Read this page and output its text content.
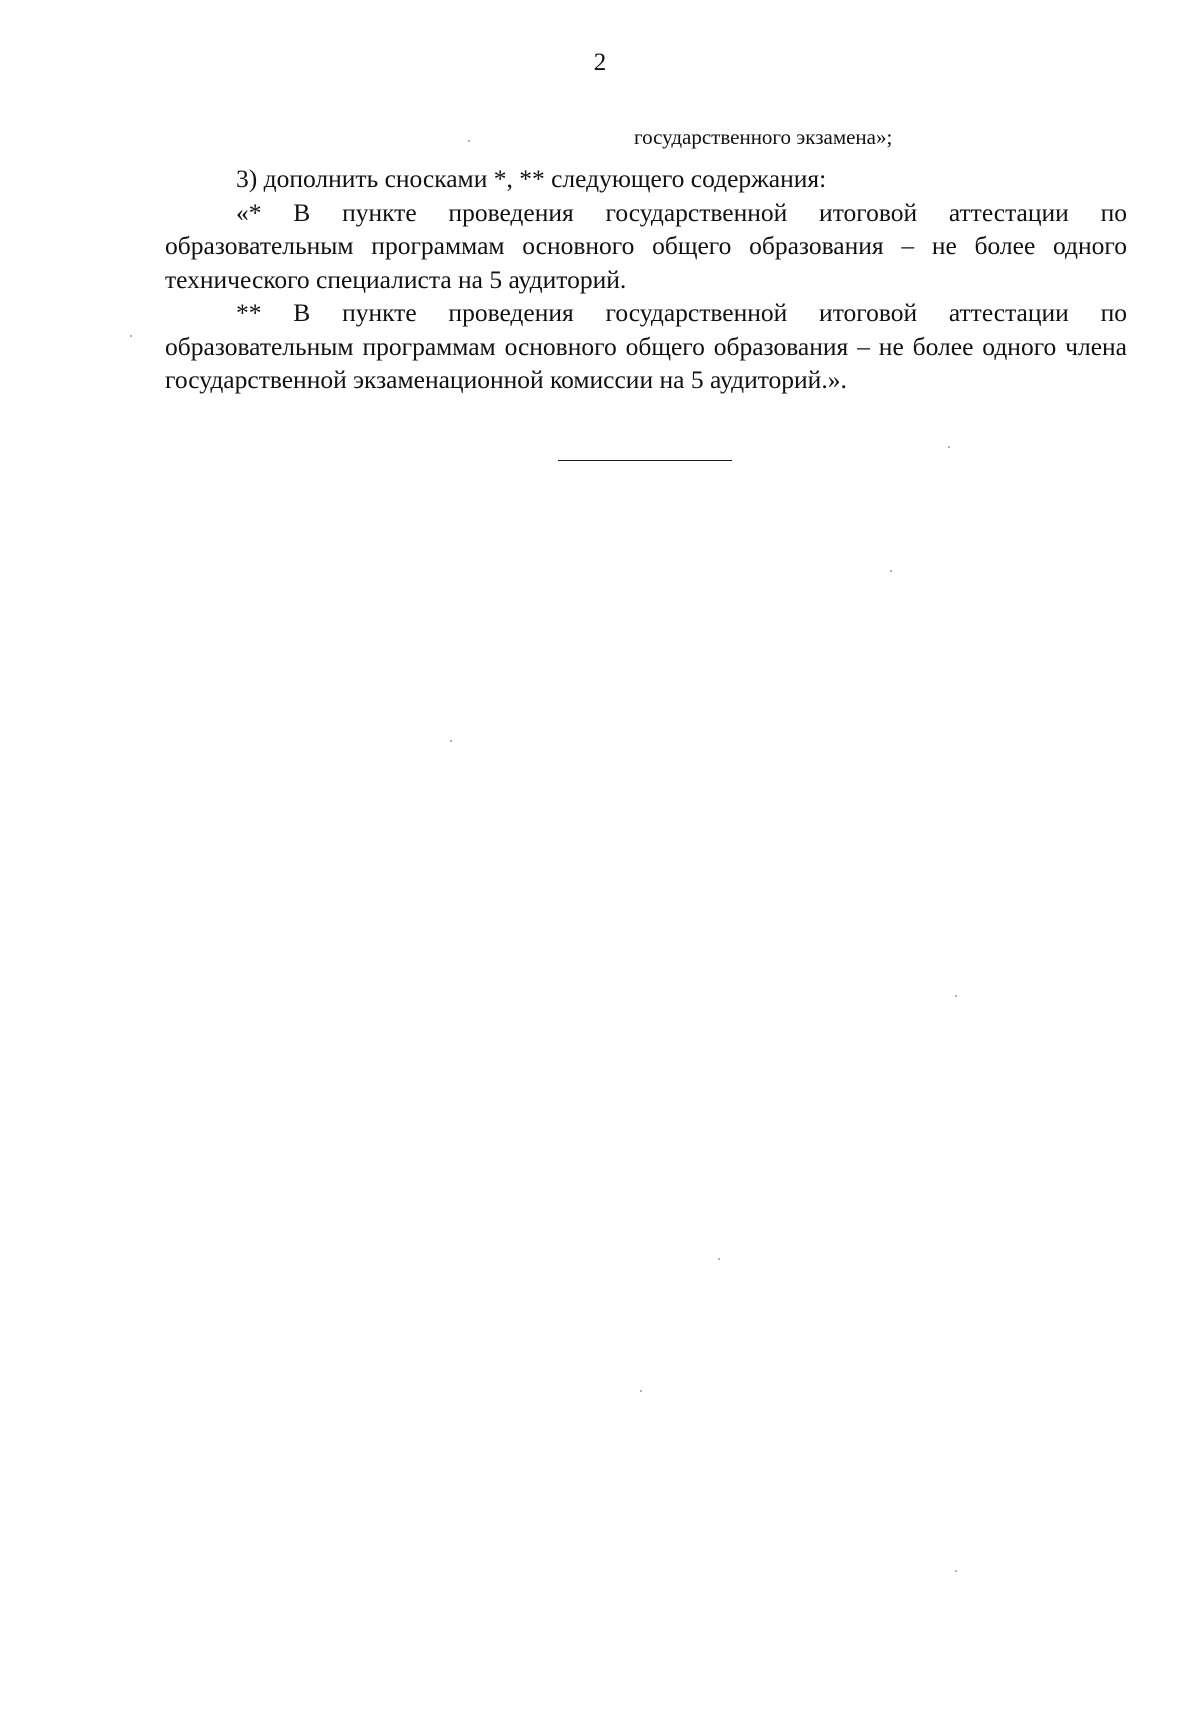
2
государственного экзамена»;

3) дополнить сносками *, ** следующего содержания:

«* В пункте проведения государственной итоговой аттестации по образовательным программам основного общего образования – не более одного технического специалиста на 5 аудиторий.

** В пункте проведения государственной итоговой аттестации по образовательным программам основного общего образования – не более одного члена государственной экзаменационной комиссии на 5 аудиторий.».
